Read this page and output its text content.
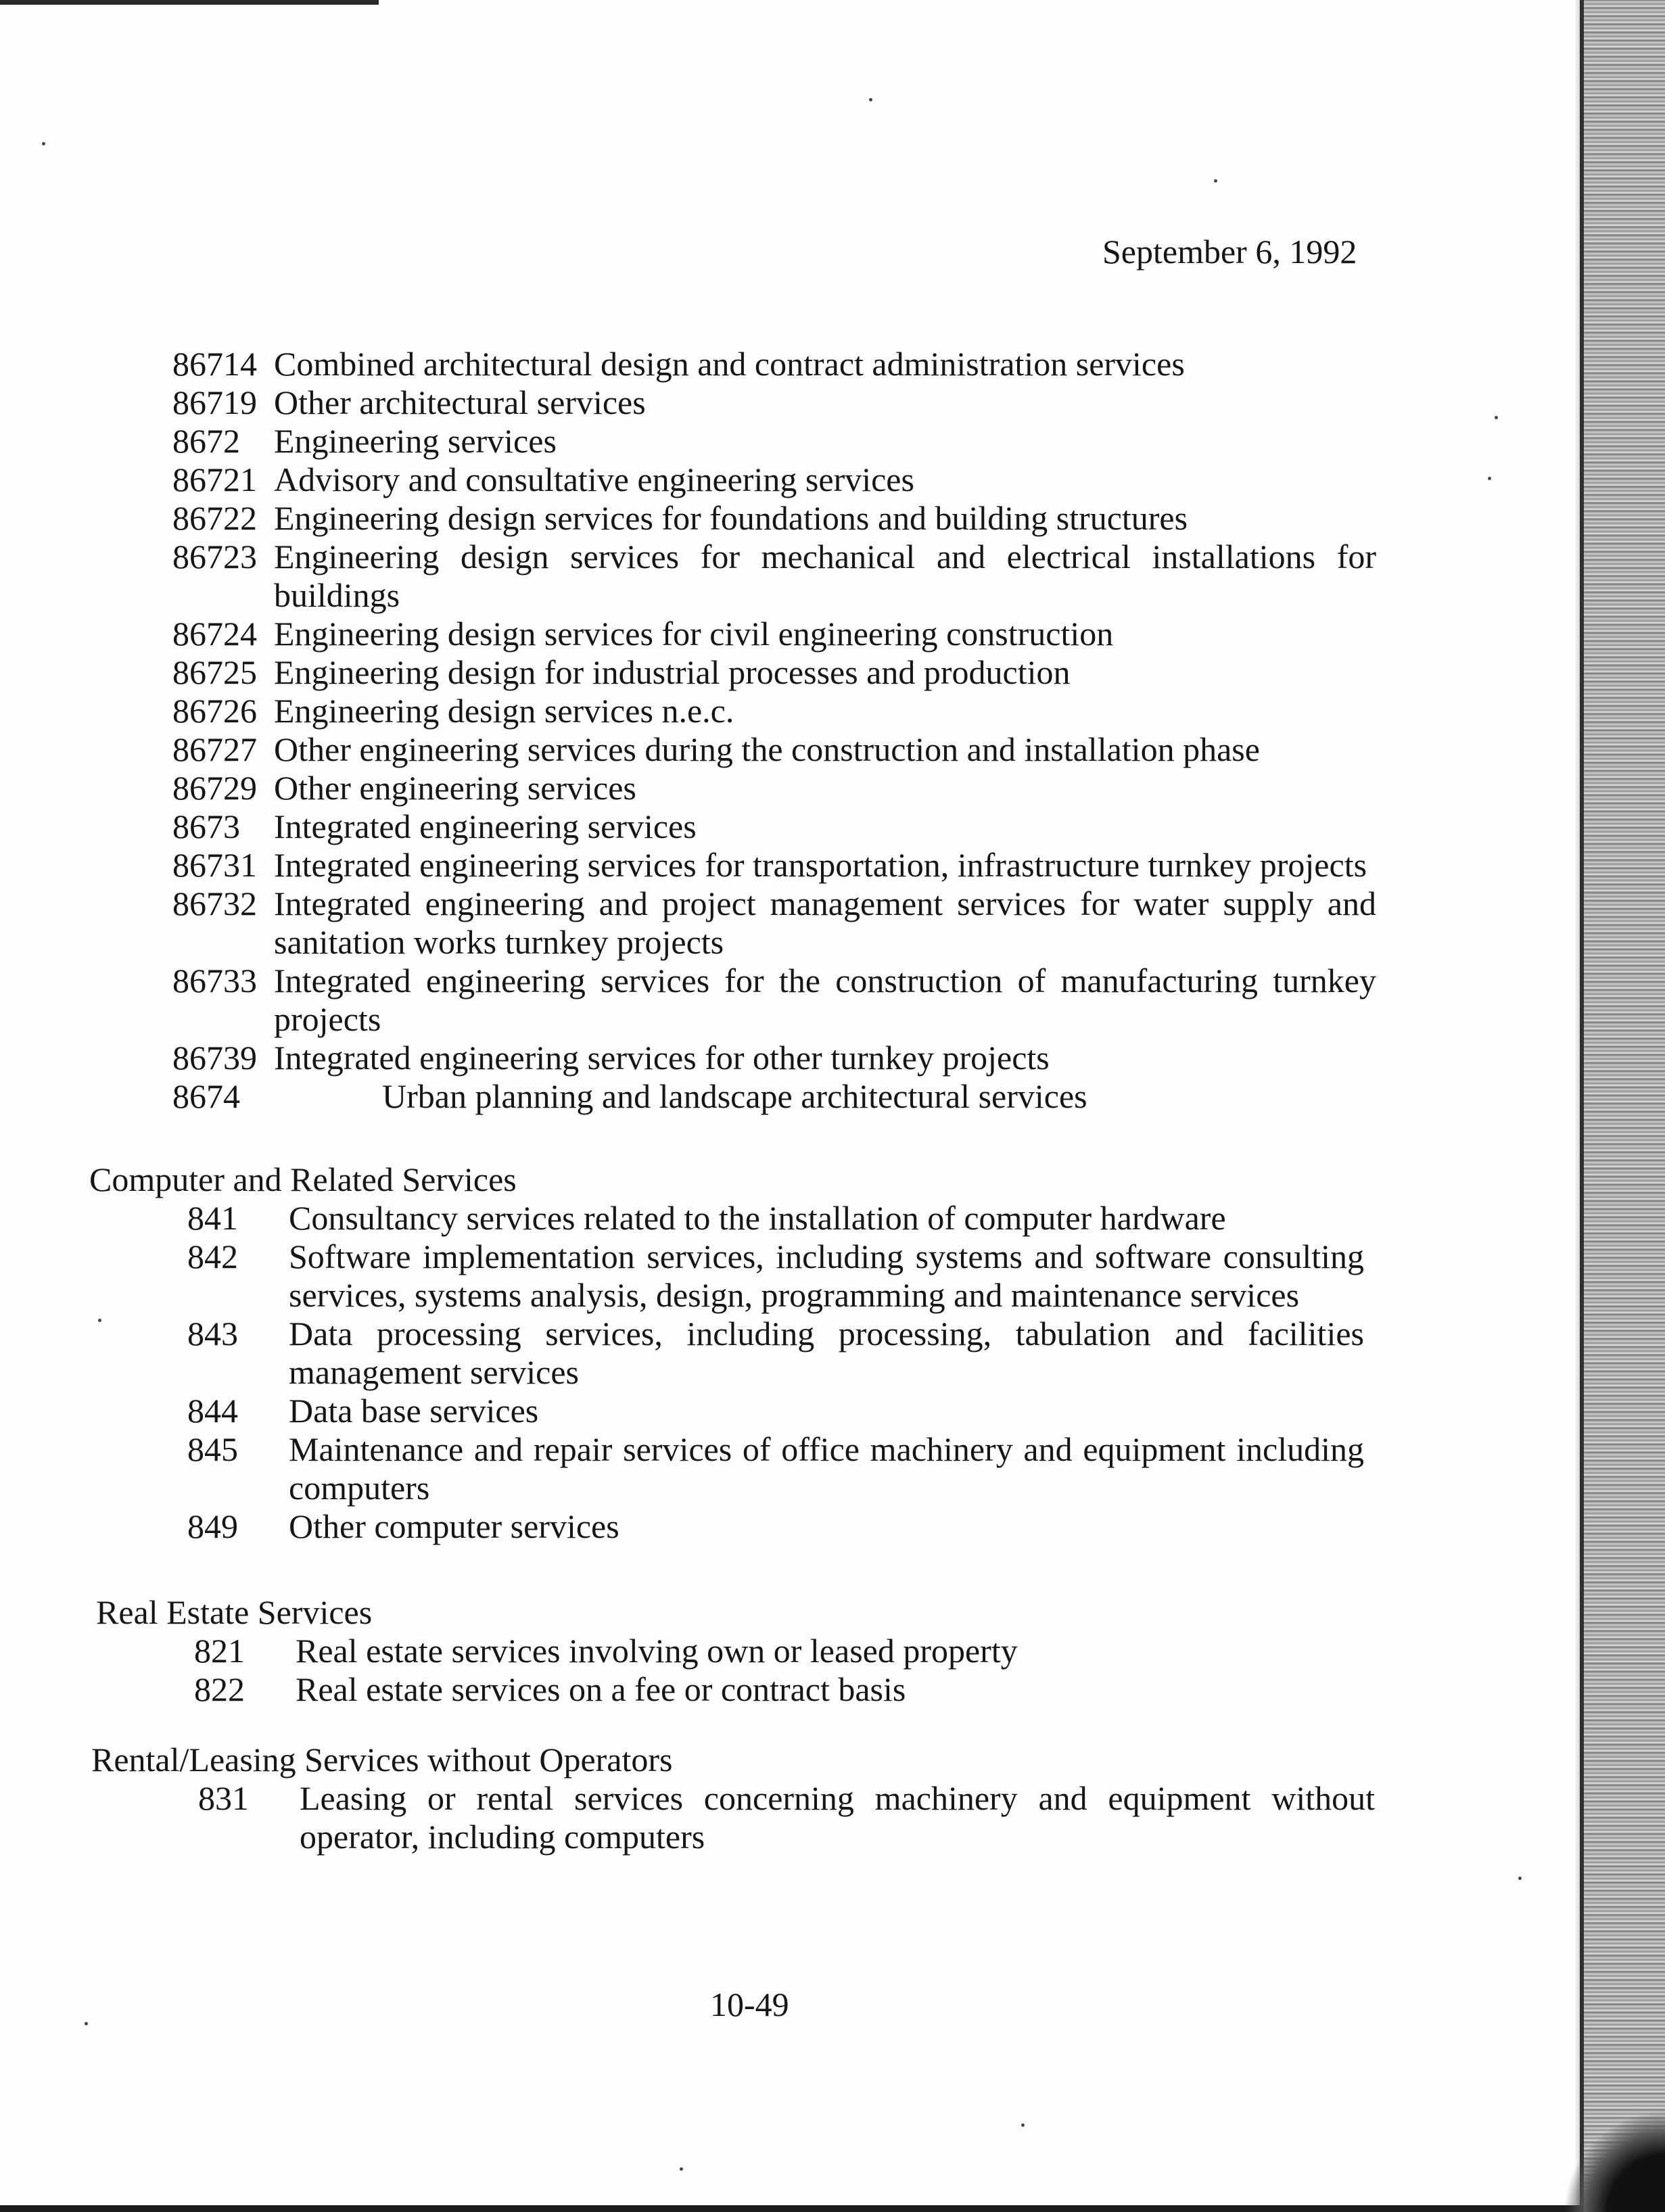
September 6, 1992
86714 Combined architectural design and contract administration services
86719 Other architectural services
8672	Engineering services
86721 Advisory and consultative engineering services
86722 Engineering design services for foundations and building structures
86723 Engineering design services for mechanical and electrical installations for buildings
86724 Engineering design services for civil engineering construction
86725 Engineering design for industrial processes and production
86726 Engineering design services n.e.c.
86727 Other engineering services during the construction and installation phase
86729 Other engineering services
8673	Integrated engineering services
86731 Integrated engineering services for transportation, infrastructure turnkey projects
86732 Integrated engineering and project management services for water supply and sanitation works turnkey projects
86733 Integrated engineering services for the construction of manufacturing turnkey projects
86739 Integrated engineering services for other turnkey projects
8674	Urban planning and landscape architectural services
Computer and Related Services
841	Consultancy services related to the installation of computer hardware
842	Software implementation services, including systems and software consulting services, systems analysis, design, programming and maintenance services
843	Data processing services, including processing, tabulation and facilities management services
844	Data base services
845	Maintenance and repair services of office machinery and equipment including computers
849	Other computer services
Real Estate Services
821	Real estate services involving own or leased property
822	Real estate services on a fee or contract basis
Rental/Leasing Services without Operators
831	Leasing or rental services concerning machinery and equipment without operator, including computers
10-49
